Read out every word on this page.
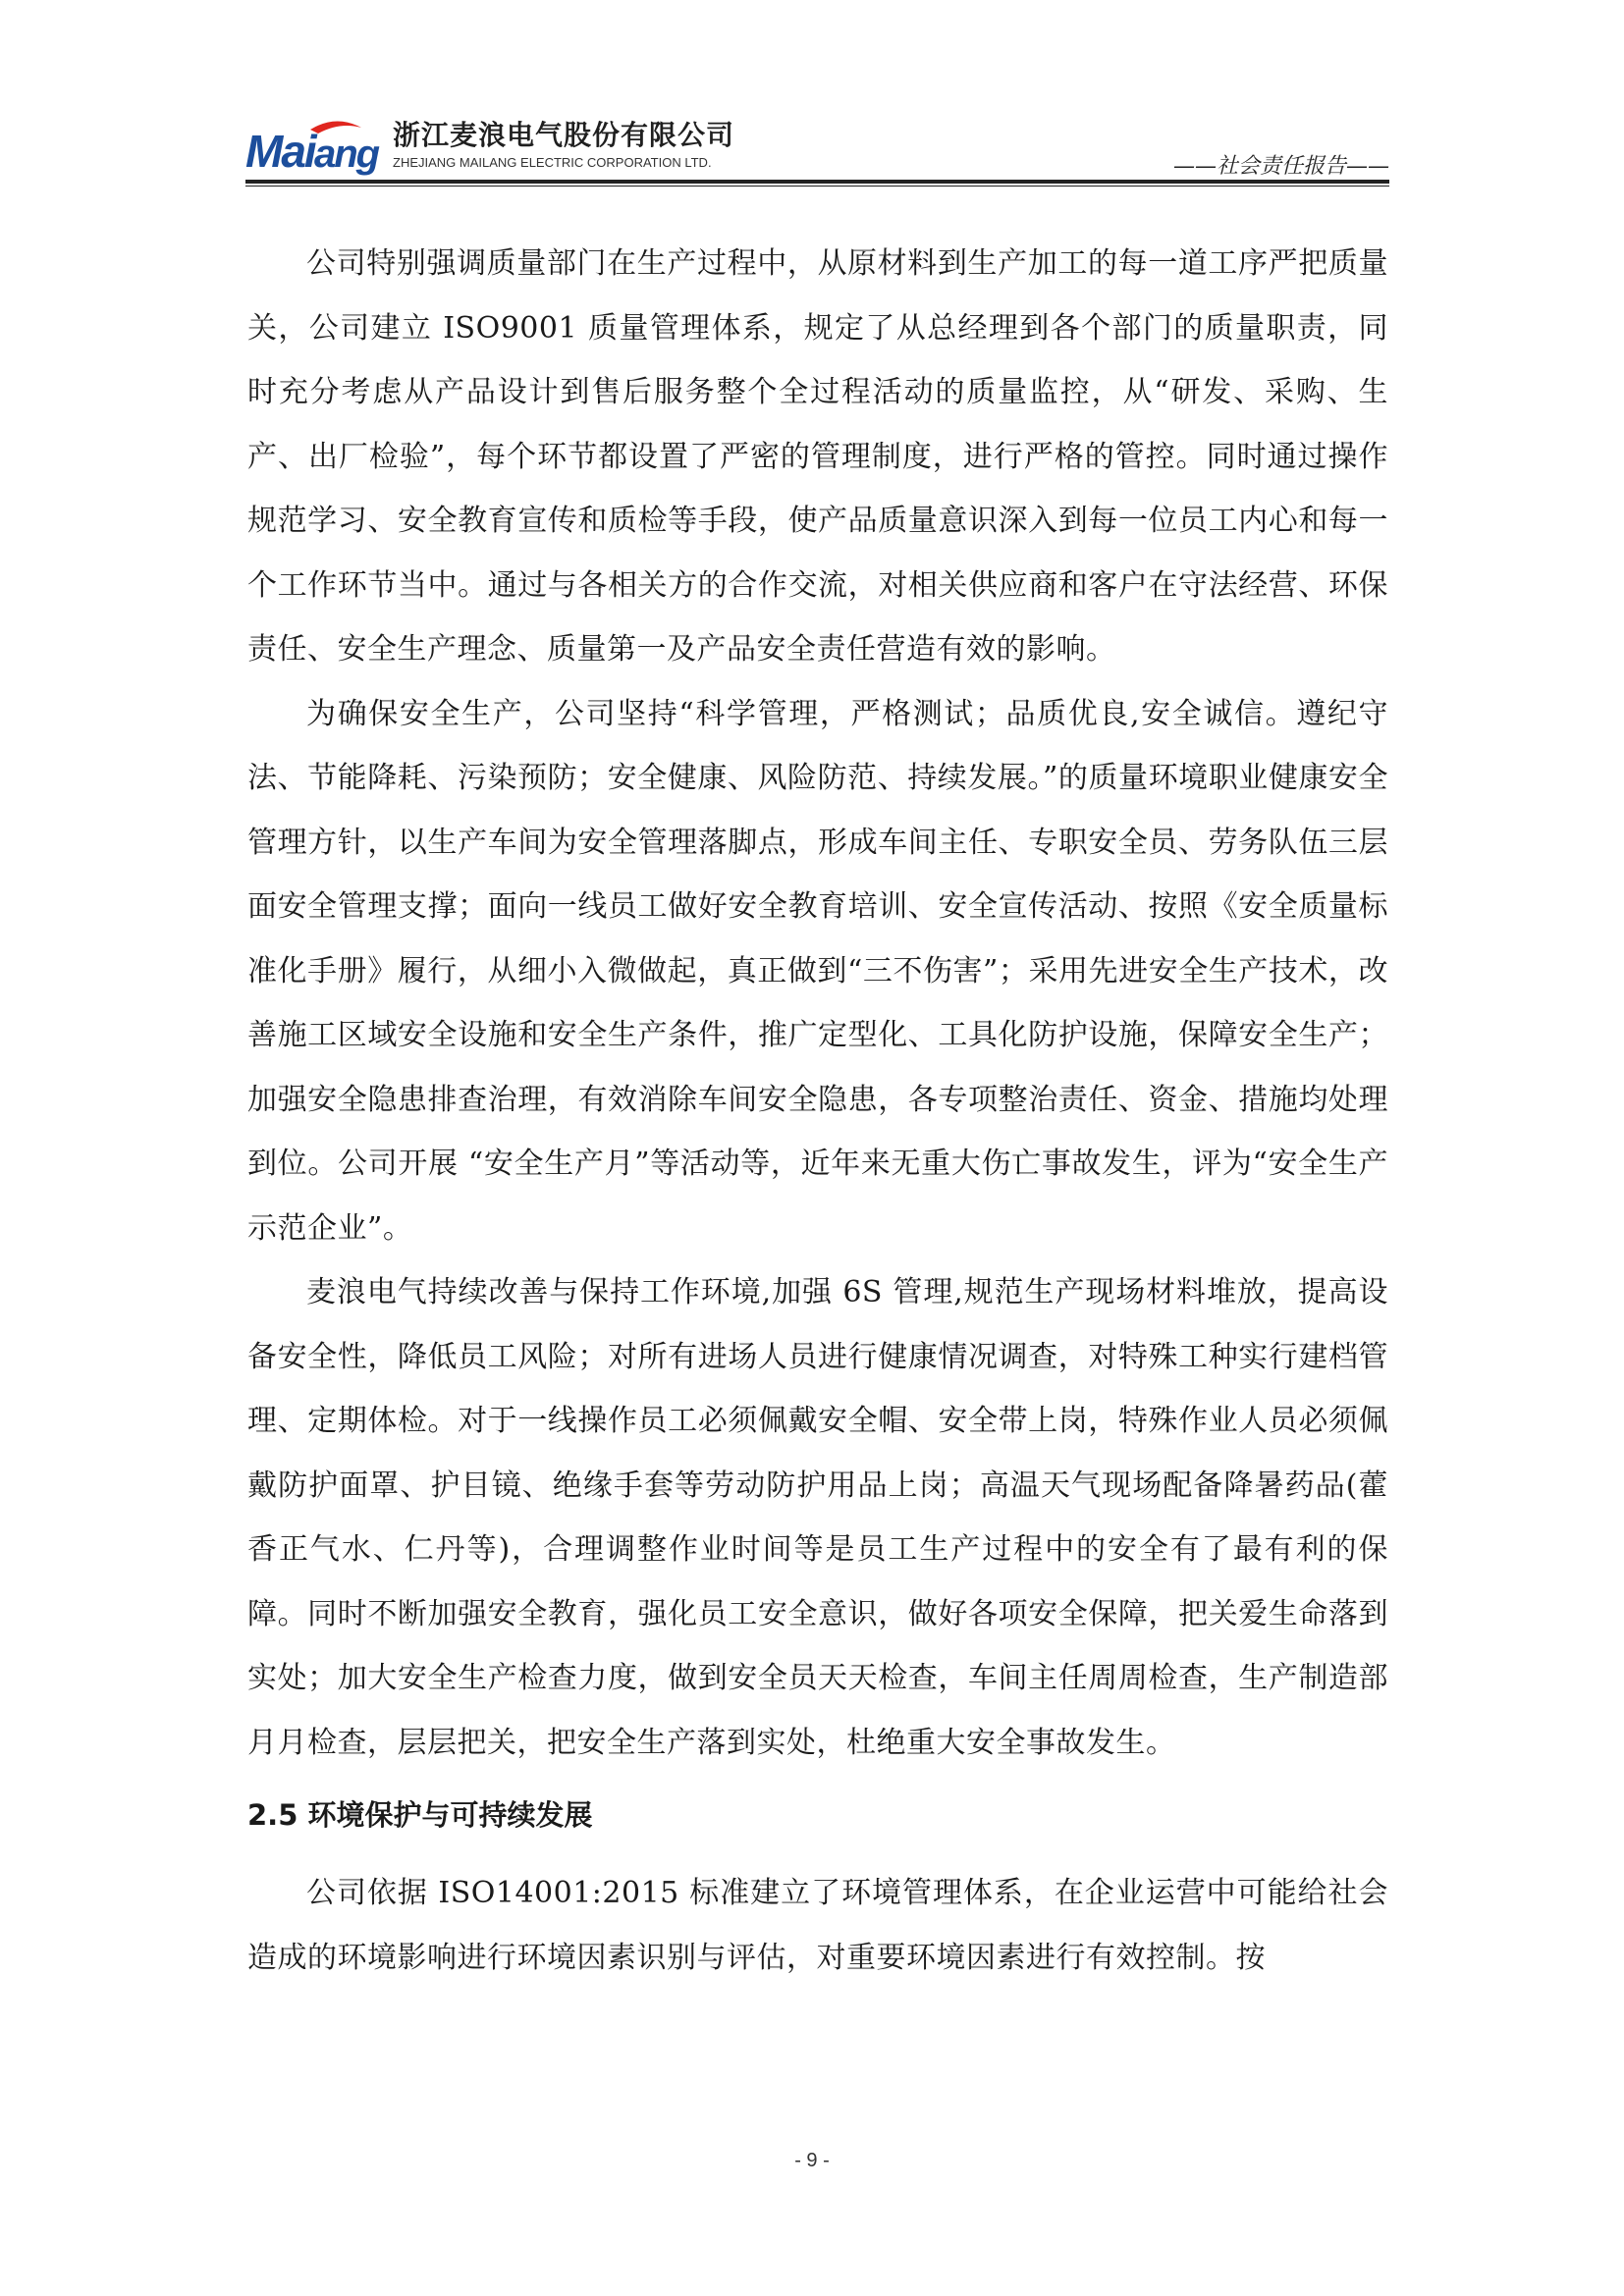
Mai ang 浙江麦浪电气股份有限公司
ZHEJIANG MAILANG ELECTRIC CORPORATION LTD.	——社会责任报告——

公司特别强调质量部门在生产过程中，从原材料到生产加工的每一道工序严把质量关，公司建立 ISO9001 质量管理体系，规定了从总经理到各个部门的质量职责，同时充分考虑从产品设计到售后服务整个全过程活动的质量监控，从“研发、采购、生产、出厂检验”，每个环节都设置了严密的管理制度，进行严格的管控。同时通过操作规范学习、安全教育宣传和质检等手段，使产品质量意识深入到每一位员工内心和每一个工作环节当中。通过与各相关方的合作交流，对相关供应商和客户在守法经营、环保责任、安全生产理念、质量第一及产品安全责任营造有效的影响。

为确保安全生产，公司坚持“科学管理，严格测试；品质优良,安全诚信。遵纪守法、节能降耗、污染预防；安全健康、风险防范、持续发展。”的质量环境职业健康安全管理方针，以生产车间为安全管理落脚点，形成车间主任、专职安全员、劳务队伍三层面安全管理支撑；面向一线员工做好安全教育培训、安全宣传活动、按照《安全质量标准化手册》履行，从细小入微做起，真正做到“三不伤害”；采用先进安全生产技术，改善施工区域安全设施和安全生产条件，推广定型化、工具化防护设施，保障安全生产；加强安全隐患排查治理，有效消除车间安全隐患，各专项整治责任、资金、措施均处理到位。公司开展 “安全生产月”等活动等，近年来无重大伤亡事故发生，评为“安全生产示范企业”。

麦浪电气持续改善与保持工作环境,加强 6S 管理,规范生产现场材料堆放，提高设备安全性，降低员工风险；对所有进场人员进行健康情况调查，对特殊工种实行建档管理、定期体检。对于一线操作员工必须佩戴安全帽、安全带上岗，特殊作业人员必须佩戴防护面罩、护目镜、绝缘手套等劳动防护用品上岗；高温天气现场配备降暑药品(藿香正气水、仁丹等)，合理调整作业时间等是员工生产过程中的安全有了最有利的保障。同时不断加强安全教育，强化员工安全意识，做好各项安全保障，把关爱生命落到实处；加大安全生产检查力度，做到安全员天天检查，车间主任周周检查，生产制造部月月检查，层层把关，把安全生产落到实处，杜绝重大安全事故发生。

2.5 环境保护与可持续发展

公司依据 ISO14001:2015 标准建立了环境管理体系，在企业运营中可能给社会造成的环境影响进行环境因素识别与评估，对重要环境因素进行有效控制。按

- 9 -
